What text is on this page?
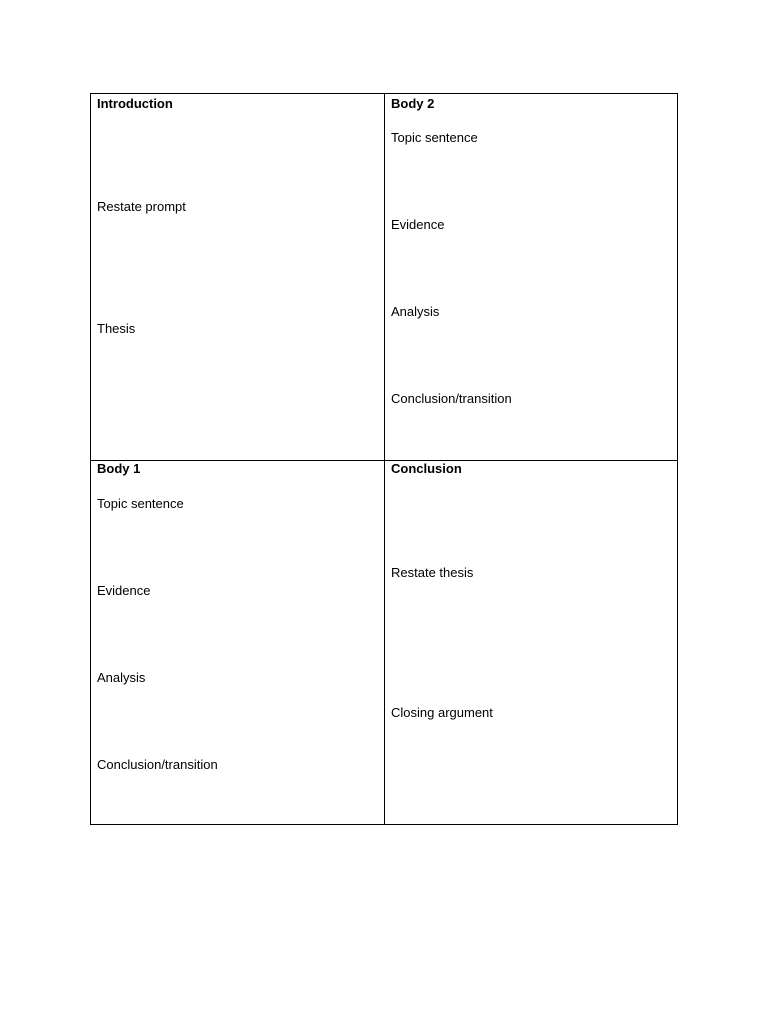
Introduction
Restate prompt
Thesis
Body 2
Topic sentence
Evidence
Analysis
Conclusion/transition
Body 1
Topic sentence
Evidence
Analysis
Conclusion/transition
Conclusion
Restate thesis
Closing argument
